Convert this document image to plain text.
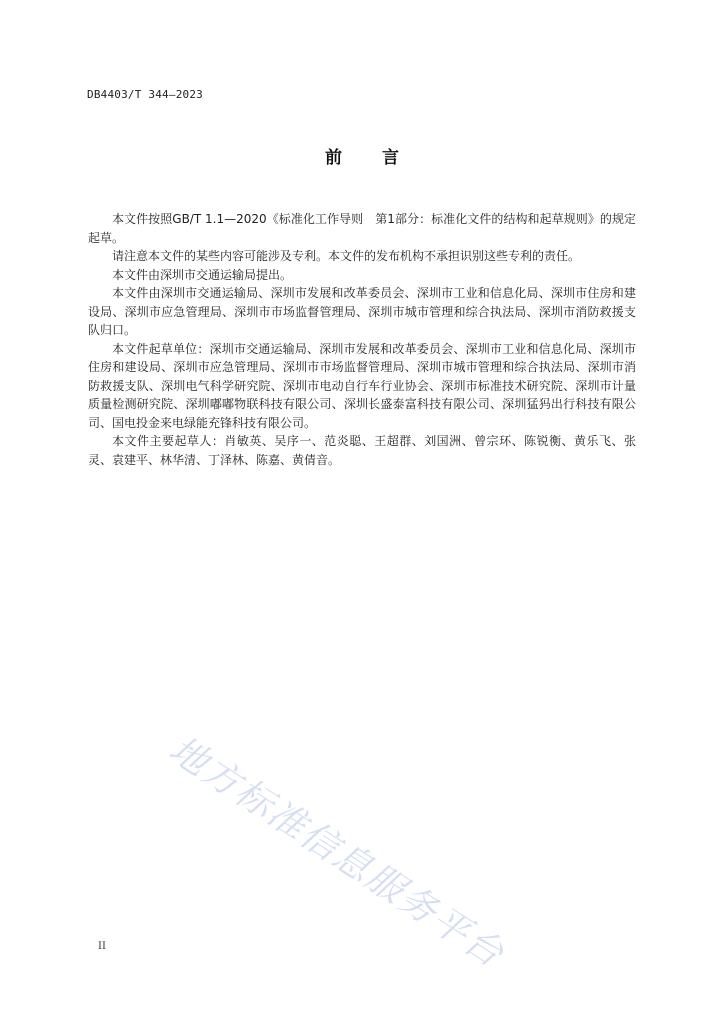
DB4403/T 344—2023
前言

本文件按照GB/T 1.1—2020《标准化工作导则　第1部分：标准化文件的结构和起草规则》的规定起草。

请注意本文件的某些内容可能涉及专利。本文件的发布机构不承担识别这些专利的责任。

本文件由深圳市交通运输局提出。

本文件由深圳市交通运输局、深圳市发展和改革委员会、深圳市工业和信息化局、深圳市住房和建设局、深圳市应急管理局、深圳市市场监督管理局、深圳市城市管理和综合执法局、深圳市消防救援支队归口。

本文件起草单位：深圳市交通运输局、深圳市发展和改革委员会、深圳市工业和信息化局、深圳市住房和建设局、深圳市应急管理局、深圳市市场监督管理局、深圳市城市管理和综合执法局、深圳市消防救援支队、深圳电气科学研究院、深圳市电动自行车行业协会、深圳市标准技术研究院、深圳市计量质量检测研究院、深圳嘟嘟物联科技有限公司、深圳长盛泰富科技有限公司、深圳猛犸出行科技有限公司、国电投金来电绿能充锋科技有限公司。

本文件主要起草人：肖敏英、吴序一、范炎聪、王超群、刘国洲、曾宗环、陈锐衡、黄乐飞、张灵、袁建平、林华清、丁泽林、陈嘉、黄倩音。

地方标准信息服务平台
II
